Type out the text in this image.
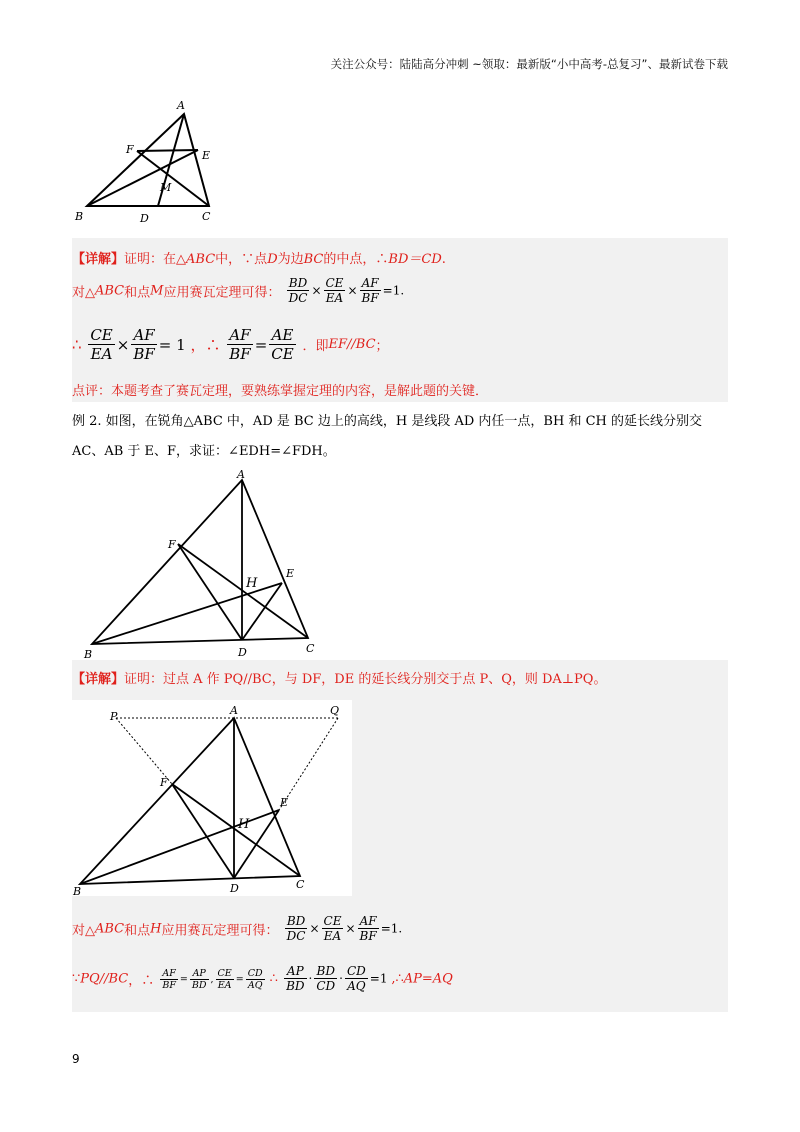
关注公众号：陆陆高分冲刺 ~领取：最新版“小中高考-总复习”、最新试卷下载
A
F	E
M
B	D	C
【详解】证明：在△ABC中，∵点D为边BC的中点，∴BD＝CD.
对△ABC和点M应用赛瓦定理可得： $\frac{BD}{DC} \times \frac{CE}{EA} \times \frac{AF}{BF} =1$.
∴ $\frac{CE}{EA} \times \frac{AF}{BF} = 1$ ，∴ $\frac{AF}{BF} = \frac{AE}{CE}$ ．即EF//BC；
点评：本题考查了赛瓦定理，要熟练掌握定理的内容，是解此题的关键．
例 2. 如图，在锐角△ABC 中，AD 是 BC 边上的高线，H 是线段 AD 内任一点，BH 和 CH 的延长线分别交
AC、AB 于 E、F，求证：∠EDH=∠FDH。
A
F
H
E
B	D	C
【详解】证明：过点 A 作 PQ//BC，与 DF，DE 的延长线分别交于点 P、Q，则 DA⊥PQ。
P	A	Q
F
E
H
B	D	C
对△ABC和点H应用赛瓦定理可得： $\frac{BD}{DC} \times \frac{CE}{EA} \times \frac{AF}{BF} =1$.
∵PQ//BC，∴ $\frac{AF}{BF} = \frac{AP}{BD}$ , $\frac{CE}{EA} = \frac{CD}{AQ}$ ∴ $\frac{AP}{BD} \cdot \frac{BD}{CD} \cdot \frac{CD}{AQ} =1$ ,∴AP=AQ
9
